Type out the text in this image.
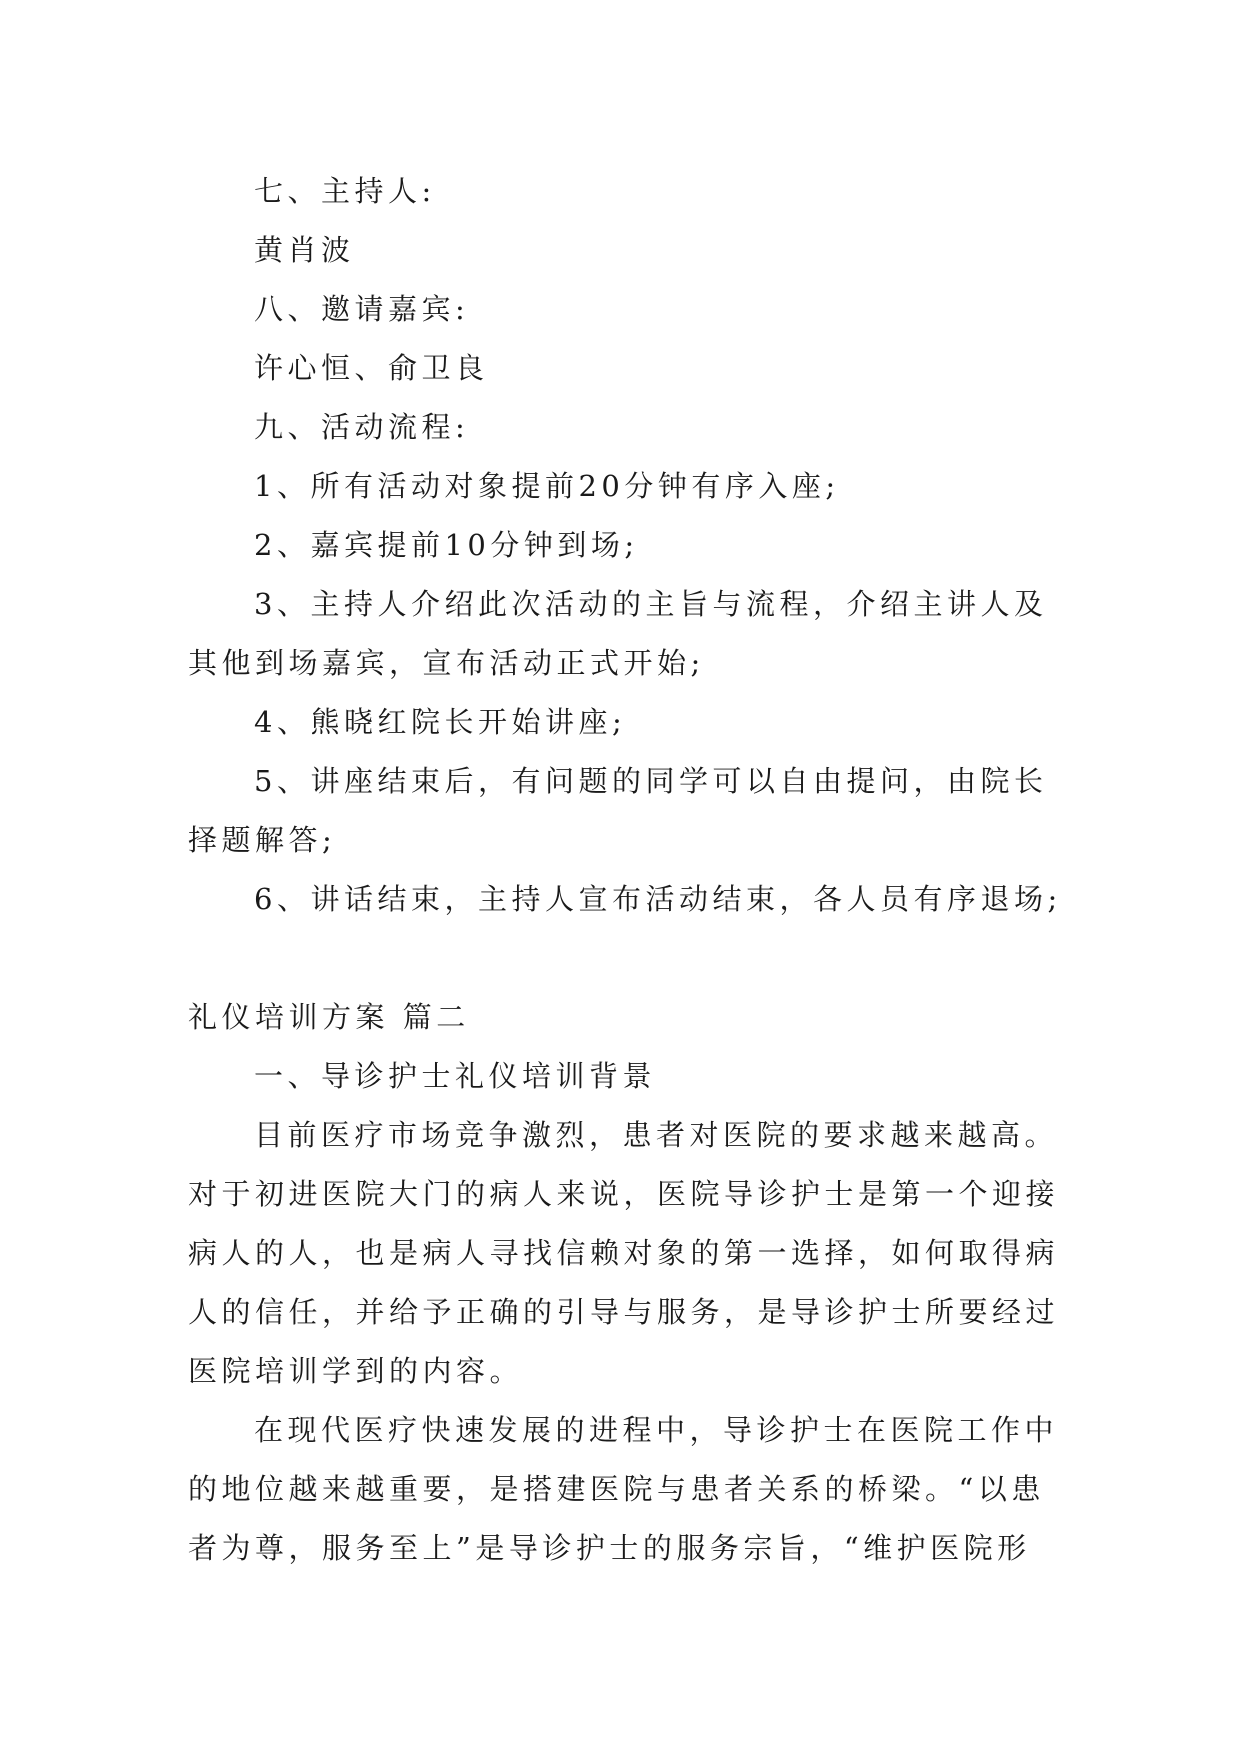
七、主持人:
黄肖波
八、邀请嘉宾:
许心恒、俞卫良
九、活动流程:
1、所有活动对象提前20分钟有序入座;
2、嘉宾提前10分钟到场;
3、主持人介绍此次活动的主旨与流程，介绍主讲人及
其他到场嘉宾，宣布活动正式开始;
4、熊晓红院长开始讲座;
5、讲座结束后，有问题的同学可以自由提问，由院长
择题解答;
6、讲话结束，主持人宣布活动结束，各人员有序退场;
礼仪培训方案 篇二
一、导诊护士礼仪培训背景
目前医疗市场竞争激烈，患者对医院的要求越来越高。
对于初进医院大门的病人来说，医院导诊护士是第一个迎接
病人的人，也是病人寻找信赖对象的第一选择，如何取得病
人的信任，并给予正确的引导与服务，是导诊护士所要经过
医院培训学到的内容。
在现代医疗快速发展的进程中，导诊护士在医院工作中
的地位越来越重要，是搭建医院与患者关系的桥梁。“以患
者为尊，服务至上”是导诊护士的服务宗旨，“维护医院形
